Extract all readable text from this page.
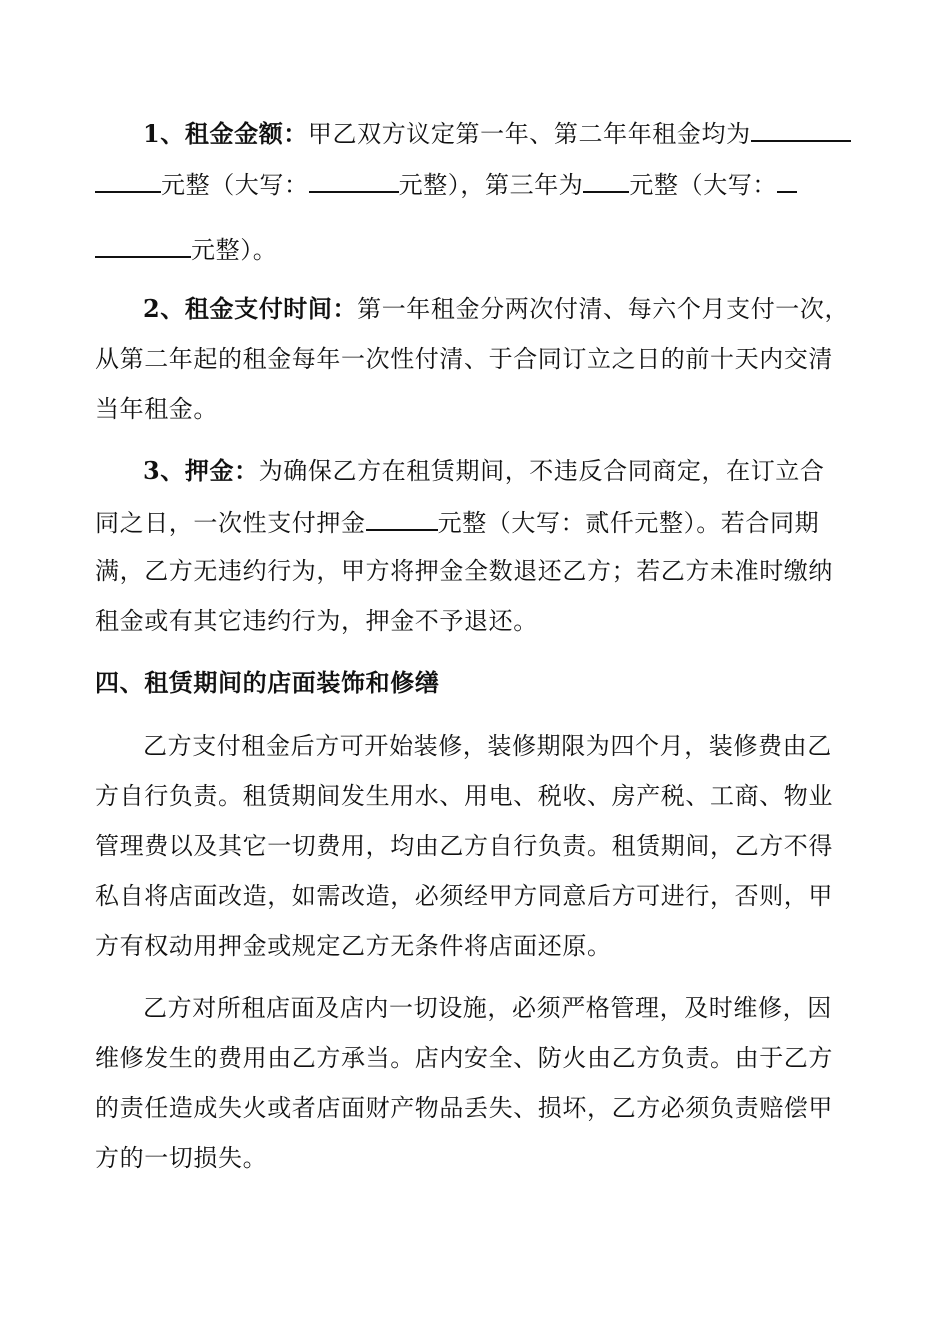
1、租金金额：甲乙双方议定第一年、第二年年租金均为
元整（大写：	元整），第三年为 元整（大写：
元整）。
2、租金支付时间：第一年租金分两次付清、每六个月支付一次，
从第二年起的租金每年一次性付清、于合同订立之日的前十天内交清
当年租金。
3、押金：为确保乙方在租赁期间，不违反合同商定，在订立合
同之日，一次性支付押金	元整（大写：贰仟元整）。若合同期
满，乙方无违约行为，甲方将押金全数退还乙方；若乙方未准时缴纳
租金或有其它违约行为，押金不予退还。
四、租赁期间的店面装饰和修缮
乙方支付租金后方可开始装修，装修期限为四个月，装修费由乙
方自行负责。租赁期间发生用水、用电、税收、房产税、工商、物业
管理费以及其它一切费用，均由乙方自行负责。租赁期间，乙方不得
私自将店面改造，如需改造，必须经甲方同意后方可进行，否则，甲
方有权动用押金或规定乙方无条件将店面还原。
乙方对所租店面及店内一切设施，必须严格管理，及时维修，因
维修发生的费用由乙方承当。店内安全、防火由乙方负责。由于乙方
的责任造成失火或者店面财产物品丢失、损坏，乙方必须负责赔偿甲
方的一切损失。
